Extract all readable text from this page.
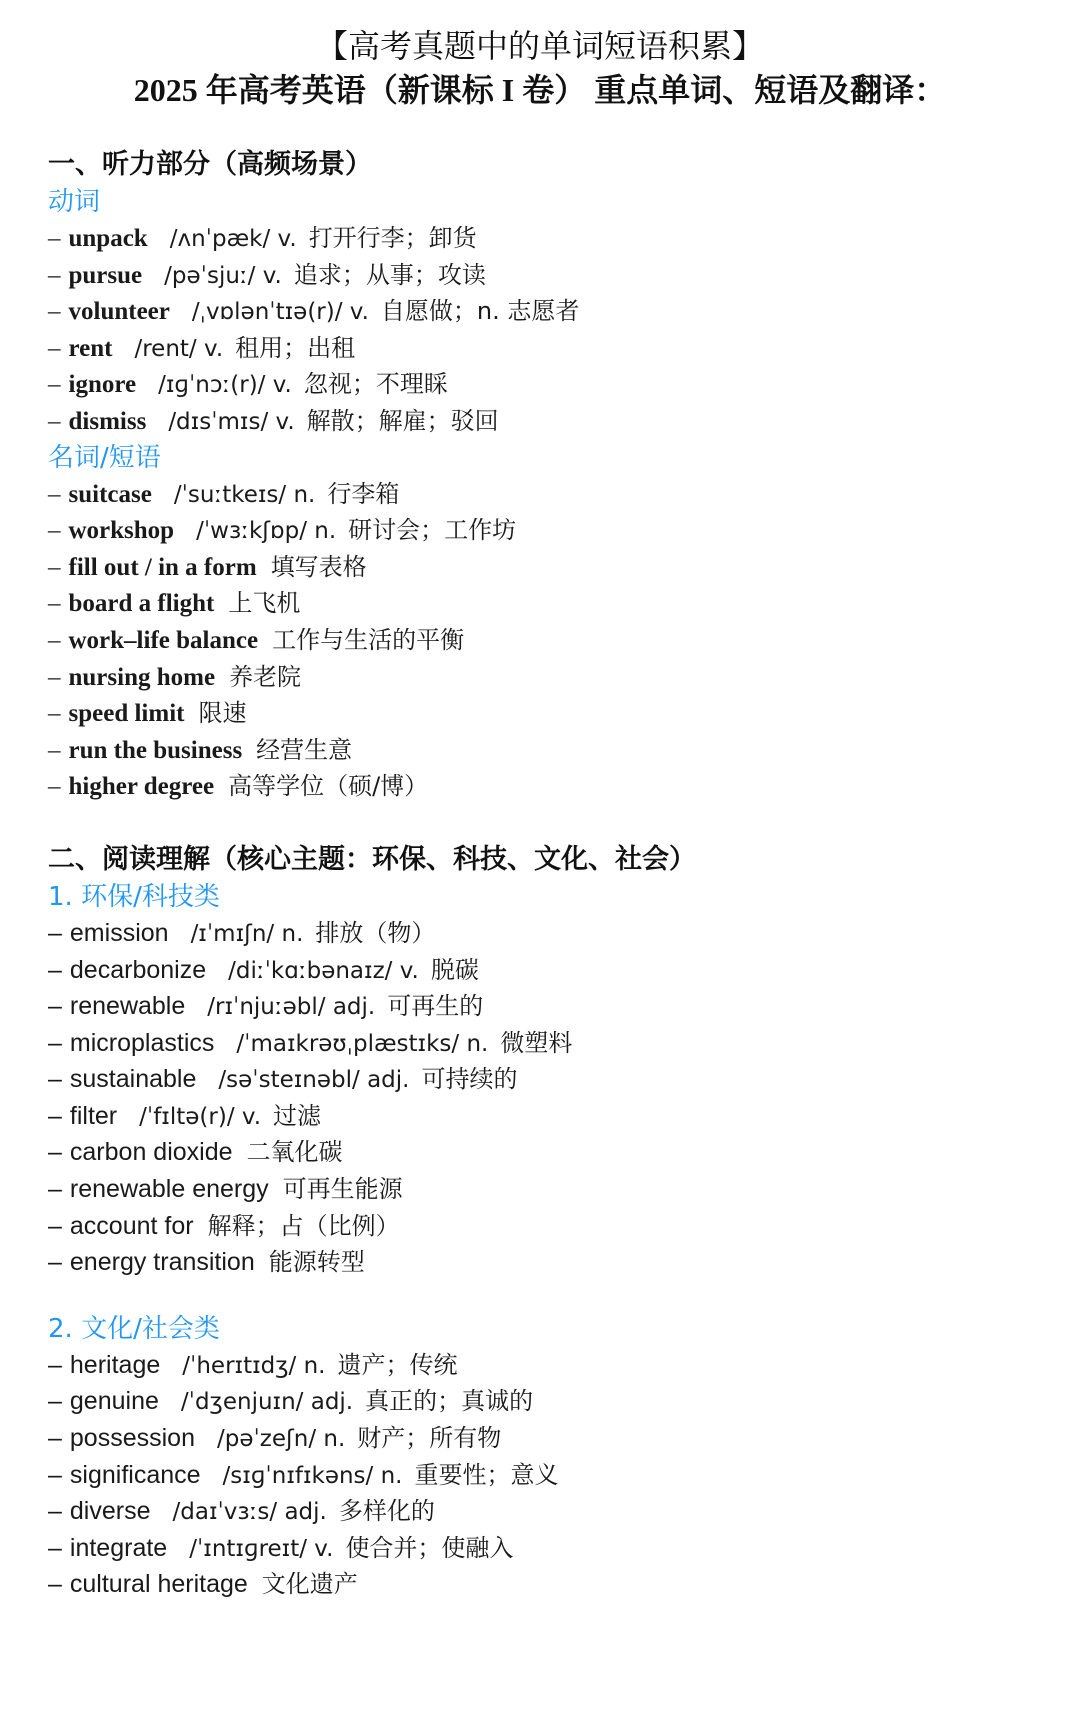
【高考真题中的单词短语积累】
2025 年高考英语（新课标 I 卷） 重点单词、短语及翻译：
一、听力部分（高频场景）
动词
– unpack /ʌnˈpæk/ v. 打开行李；卸货
– pursue /pəˈsjuː/ v. 追求；从事；攻读
– volunteer /ˌvɒlənˈtɪə(r)/ v. 自愿做；n. 志愿者
– rent /rent/ v. 租用；出租
– ignore /ɪɡˈnɔː(r)/ v. 忽视；不理睬
– dismiss /dɪsˈmɪs/ v. 解散；解雇；驳回
名词/短语
– suitcase /ˈsuːtkeɪs/ n. 行李箱
– workshop /ˈwɜːkʃɒp/ n. 研讨会；工作坊
– fill out / in a form 填写表格
– board a flight 上飞机
– work–life balance 工作与生活的平衡
– nursing home 养老院
– speed limit 限速
– run the business 经营生意
– higher degree 高等学位（硕/博）
二、阅读理解（核心主题：环保、科技、文化、社会）
1. 环保/科技类
– emission /ɪˈmɪʃn/ n. 排放（物）
– decarbonize /diːˈkɑːbənaɪz/ v. 脱碳
– renewable /rɪˈnjuːəbl/ adj. 可再生的
– microplastics /ˈmaɪkrəʊˌplæstɪks/ n. 微塑料
– sustainable /səˈsteɪnəbl/ adj. 可持续的
– filter /ˈfɪltə(r)/ v. 过滤
– carbon dioxide 二氧化碳
– renewable energy 可再生能源
– account for 解释；占（比例）
– energy transition 能源转型
2. 文化/社会类
– heritage /ˈherɪtɪdʒ/ n. 遗产；传统
– genuine /ˈdʒenjuɪn/ adj. 真正的；真诚的
– possession /pəˈzeʃn/ n. 财产；所有物
– significance /sɪɡˈnɪfɪkəns/ n. 重要性；意义
– diverse /daɪˈvɜːs/ adj. 多样化的
– integrate /ˈɪntɪɡreɪt/ v. 使合并；使融入
– cultural heritage 文化遗产
